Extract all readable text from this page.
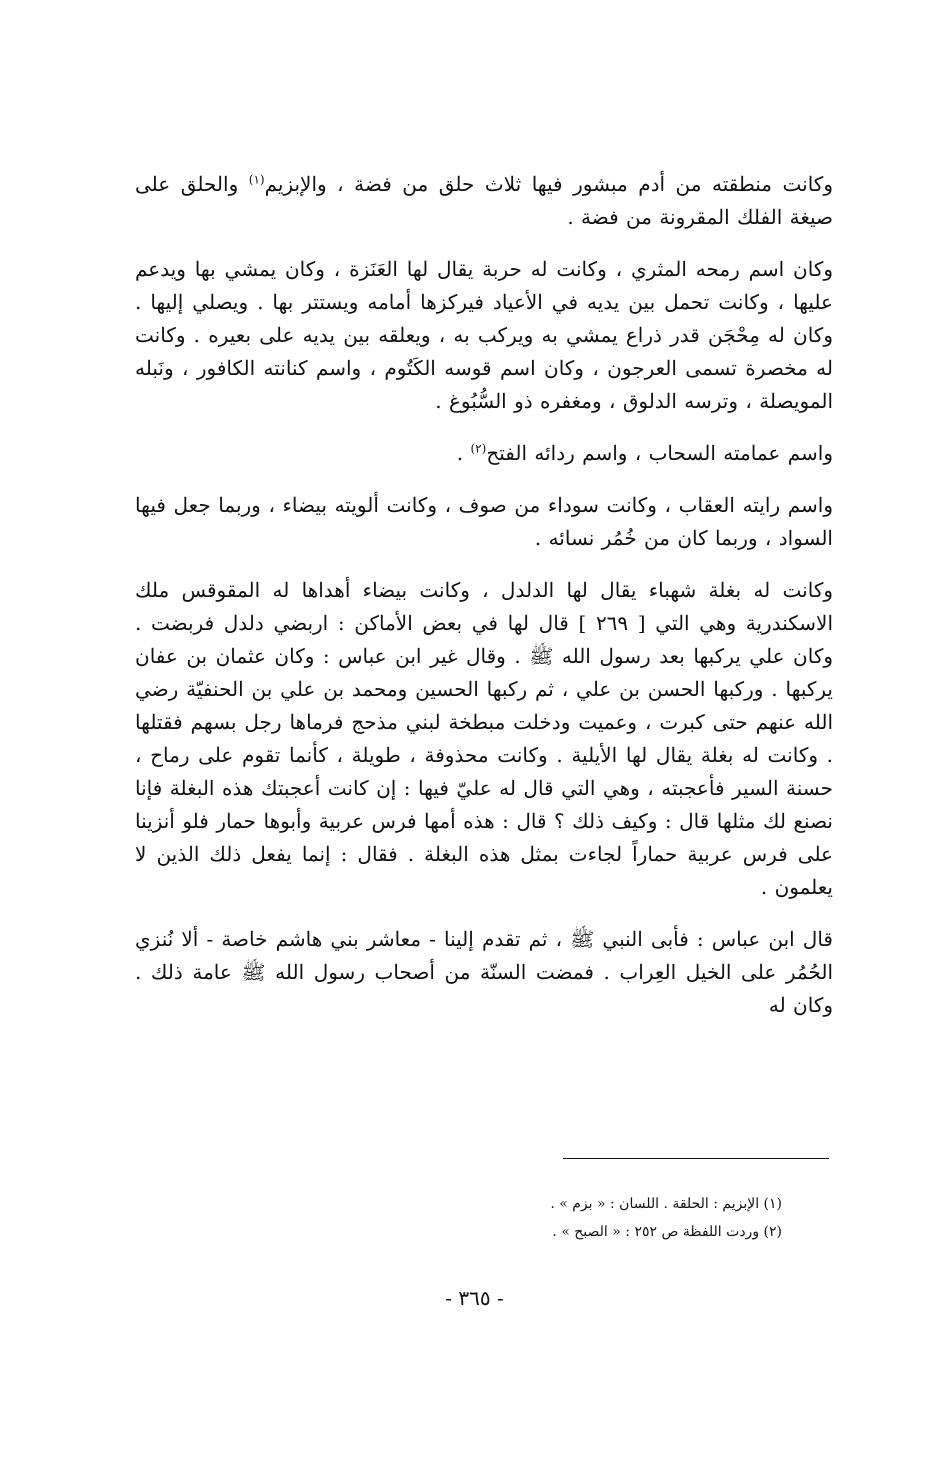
وكانت منطقته من أدم مبشور فيها ثلاث حلق من فضة ، والإبزيم$^{(١)}$ والحلق على صيغة الفلك المقرونة من فضة .

وكان اسم رمحه المثري ، وكانت له حربة يقال لها العَنَزة ، وكان يمشي بها ويدعم عليها ، وكانت تحمل بين يديه في الأعياد فيركزها أمامه ويستتر بها . ويصلي إليها . وكان له مِحْجَن قدر ذراع يمشي به ويركب به ، ويعلقه بين يديه على بعيره . وكانت له مخصرة تسمى العرجون ، وكان اسم قوسه الكَتُوم ، واسم كنانته الكافور ، ونَبله المويصلة ، وترسه الدلوق ، ومغفره ذو السُّبُوغ .

واسم عمامته السحاب ، واسم ردائه الفتح$^{(٢)}$ .

واسم رايته العقاب ، وكانت سوداء من صوف ، وكانت ألويته بيضاء ، وربما جعل فيها السواد ، وربما كان من خُمُر نسائه .

وكانت له بغلة شهباء يقال لها الدلدل ، وكانت بيضاء أهداها له المقوقس ملك الاسكندرية وهي التي [ ٢٦٩ ] قال لها في بعض الأماكن : اربضي دلدل فربضت . وكان علي يركبها بعد رسول الله ﷺ . وقال غير ابن عباس : وكان عثمان بن عفان يركبها . وركبها الحسن بن علي ، ثم ركبها الحسين ومحمد بن علي بن الحنفيّة رضي الله عنهم حتى كبرت ، وعميت ودخلت مبطخة لبني مذحج فرماها رجل بسهم فقتلها . وكانت له بغلة يقال لها الأيلية . وكانت محذوفة ، طويلة ، كأنما تقوم على رماح ، حسنة السير فأعجبته ، وهي التي قال له عليّ فيها : إن كانت أعجبتك هذه البغلة فإنا نصنع لك مثلها قال : وكيف ذلك ؟ قال : هذه أمها فرس عربية وأبوها حمار فلو أنزينا على فرس عربية حماراً لجاءت بمثل هذه البغلة . فقال : إنما يفعل ذلك الذين لا يعلمون .

قال ابن عباس : فأبى النبي ﷺ ، ثم تقدم إلينا - معاشر بني هاشم خاصة - ألا نُنزي الحُمُر على الخيل العِراب . فمضت السنّة من أصحاب رسول الله ﷺ عامة ذلك . وكان له

(١) الإبزيم : الحلقة . اللسان : « بزم » .
(٢) وردت اللفظة ص ٢٥٢ : « الصبح » .
- ٣٦٥ -
